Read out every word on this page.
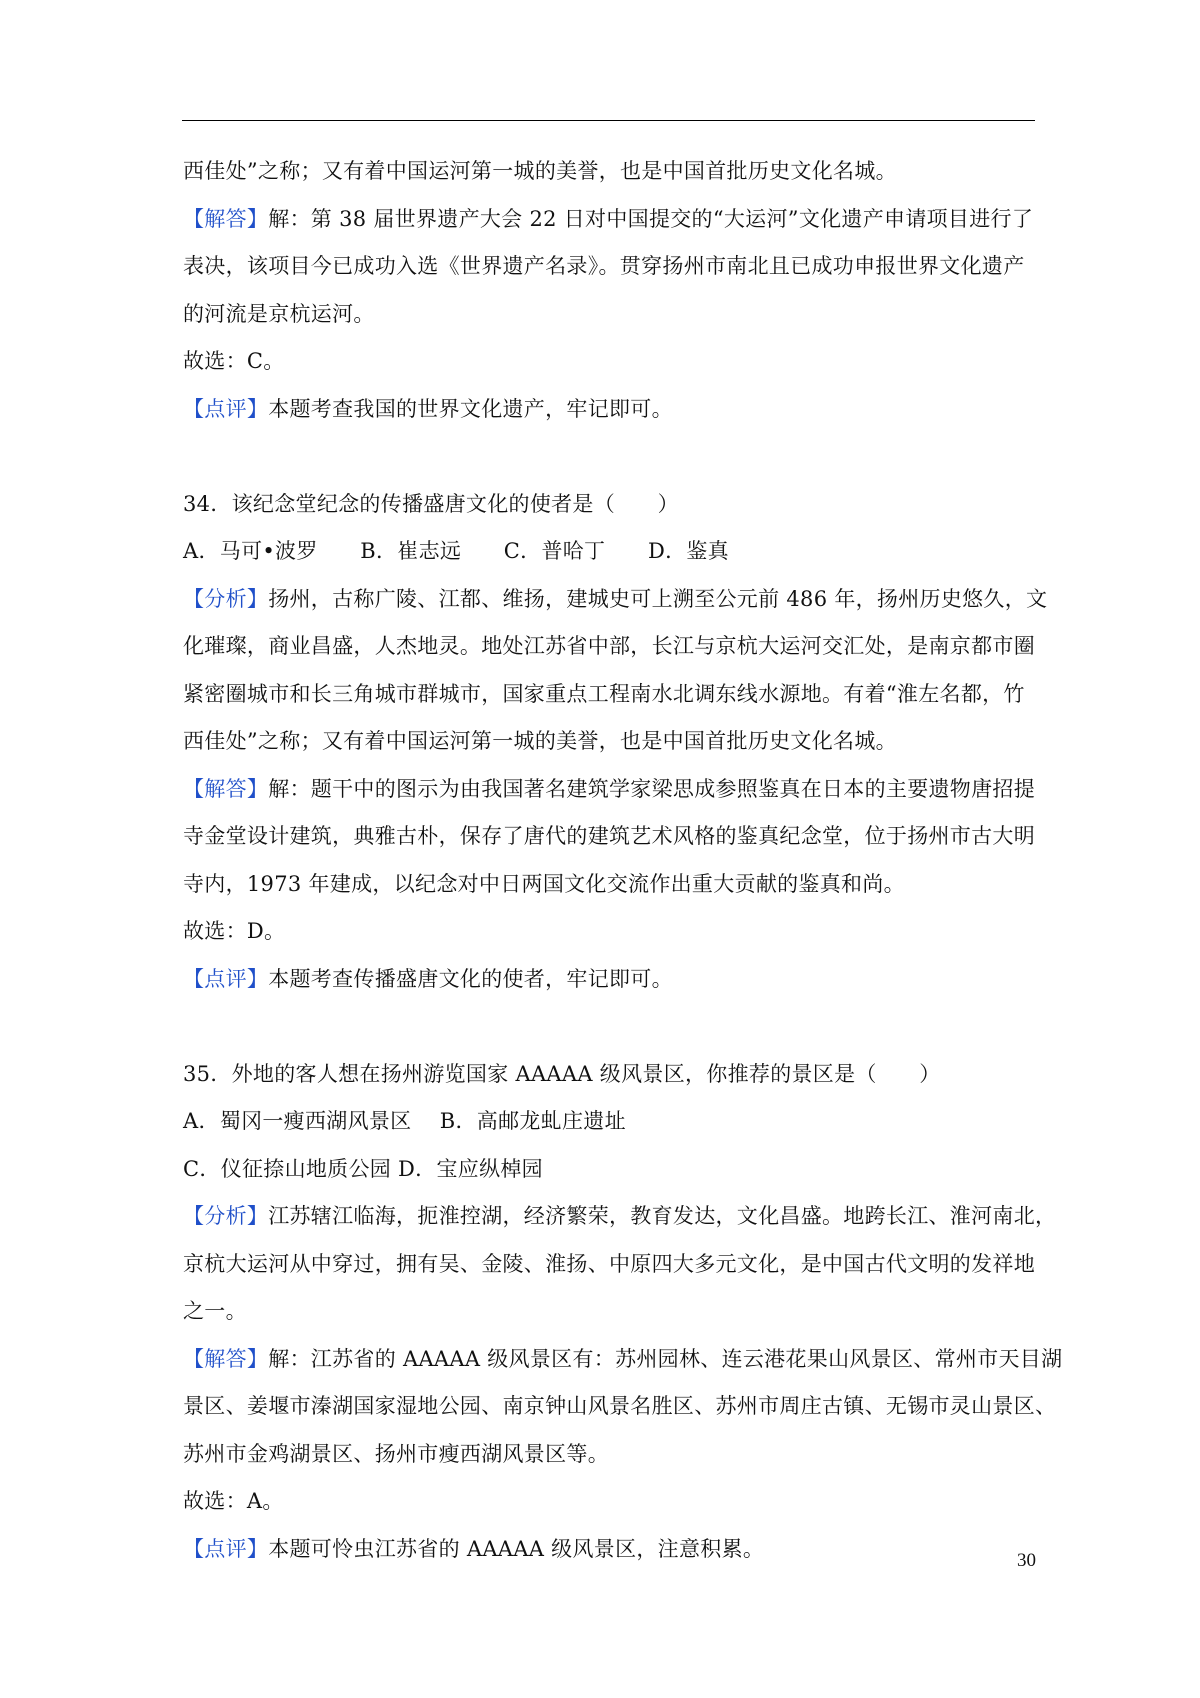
西佳处”之称；又有着中国运河第一城的美誉，也是中国首批历史文化名城。
【解答】解：第 38 届世界遗产大会 22 日对中国提交的“大运河”文化遗产申请项目进行了
表决，该项目今已成功入选《世界遗产名录》。贯穿扬州市南北且已成功申报世界文化遗产
的河流是京杭运河。
故选：C。
【点评】本题考查我国的世界文化遗产，牢记即可。
34．该纪念堂纪念的传播盛唐文化的使者是（　　）
A．马可•波罗　　B．崔志远　　C．普哈丁　　D．鉴真
【分析】扬州，古称广陵、江都、维扬，建城史可上溯至公元前 486 年，扬州历史悠久，文
化璀璨，商业昌盛，人杰地灵。地处江苏省中部，长江与京杭大运河交汇处，是南京都市圈
紧密圈城市和长三角城市群城市，国家重点工程南水北调东线水源地。有着“淮左名都，竹
西佳处”之称；又有着中国运河第一城的美誉，也是中国首批历史文化名城。
【解答】解：题干中的图示为由我国著名建筑学家梁思成参照鉴真在日本的主要遗物唐招提
寺金堂设计建筑，典雅古朴，保存了唐代的建筑艺术风格的鉴真纪念堂，位于扬州市古大明
寺内，1973 年建成，以纪念对中日两国文化交流作出重大贡献的鉴真和尚。
故选：D。
【点评】本题考查传播盛唐文化的使者，牢记即可。
35．外地的客人想在扬州游览国家 AAAAA 级风景区，你推荐的景区是（　　）
A．蜀冈一瘦西湖风景区　 B．高邮龙虬庄遗址
C．仪征捺山地质公园 D．宝应纵棹园
【分析】江苏辖江临海，扼淮控湖，经济繁荣，教育发达，文化昌盛。地跨长江、淮河南北，
京杭大运河从中穿过，拥有吴、金陵、淮扬、中原四大多元文化，是中国古代文明的发祥地
之一。
【解答】解：江苏省的 AAAAA 级风景区有：苏州园林、连云港花果山风景区、常州市天目湖
景区、姜堰市溱湖国家湿地公园、南京钟山风景名胜区、苏州市周庄古镇、无锡市灵山景区、
苏州市金鸡湖景区、扬州市瘦西湖风景区等。
故选：A。
【点评】本题可怜虫江苏省的 AAAAA 级风景区，注意积累。	30
